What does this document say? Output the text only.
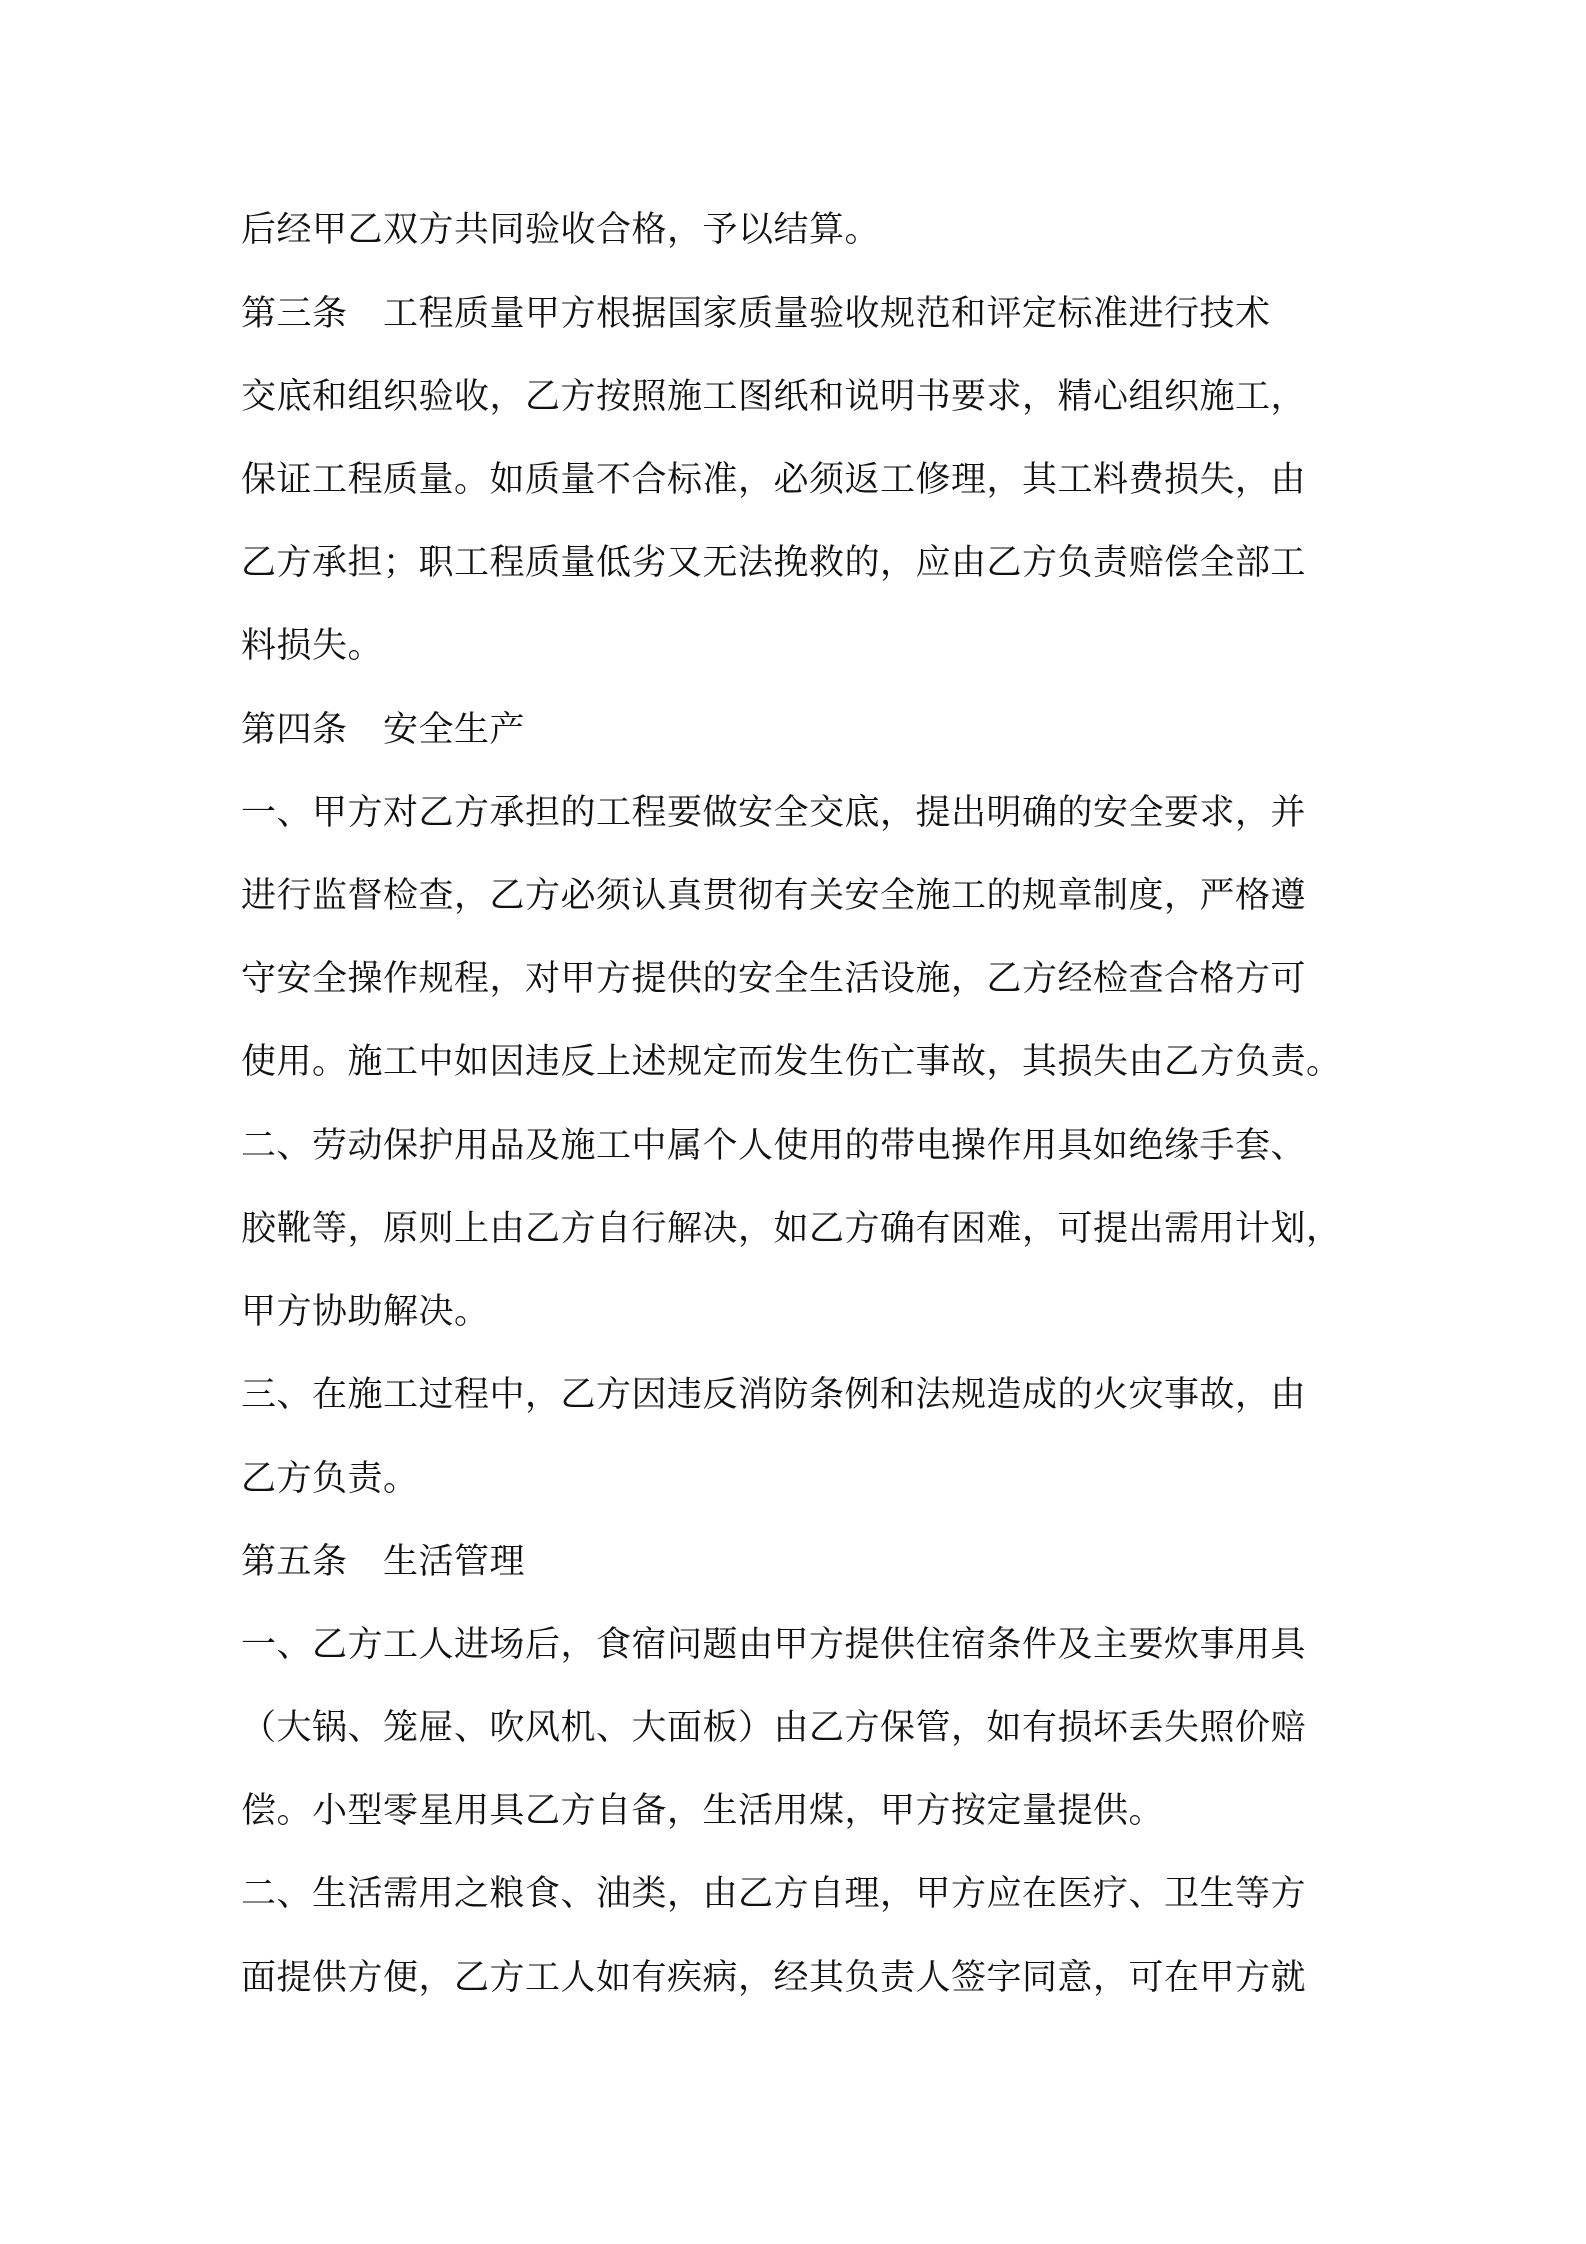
后经甲乙双方共同验收合格，予以结算。
第三条　工程质量甲方根据国家质量验收规范和评定标准进行技术
交底和组织验收，乙方按照施工图纸和说明书要求，精心组织施工，
保证工程质量。如质量不合标准，必须返工修理，其工料费损失，由
乙方承担；职工程质量低劣又无法挽救的，应由乙方负责赔偿全部工
料损失。
第四条　安全生产
一、甲方对乙方承担的工程要做安全交底，提出明确的安全要求，并
进行监督检查，乙方必须认真贯彻有关安全施工的规章制度，严格遵
守安全操作规程，对甲方提供的安全生活设施，乙方经检查合格方可
使用。施工中如因违反上述规定而发生伤亡事故，其损失由乙方负责。
二、劳动保护用品及施工中属个人使用的带电操作用具如绝缘手套、
胶靴等，原则上由乙方自行解决，如乙方确有困难，可提出需用计划，
甲方协助解决。
三、在施工过程中，乙方因违反消防条例和法规造成的火灾事故，由
乙方负责。
第五条　生活管理
一、乙方工人进场后，食宿问题由甲方提供住宿条件及主要炊事用具
（大锅、笼屉、吹风机、大面板）由乙方保管，如有损坏丢失照价赔
偿。小型零星用具乙方自备，生活用煤，甲方按定量提供。
二、生活需用之粮食、油类，由乙方自理，甲方应在医疗、卫生等方
面提供方便，乙方工人如有疾病，经其负责人签字同意，可在甲方就
